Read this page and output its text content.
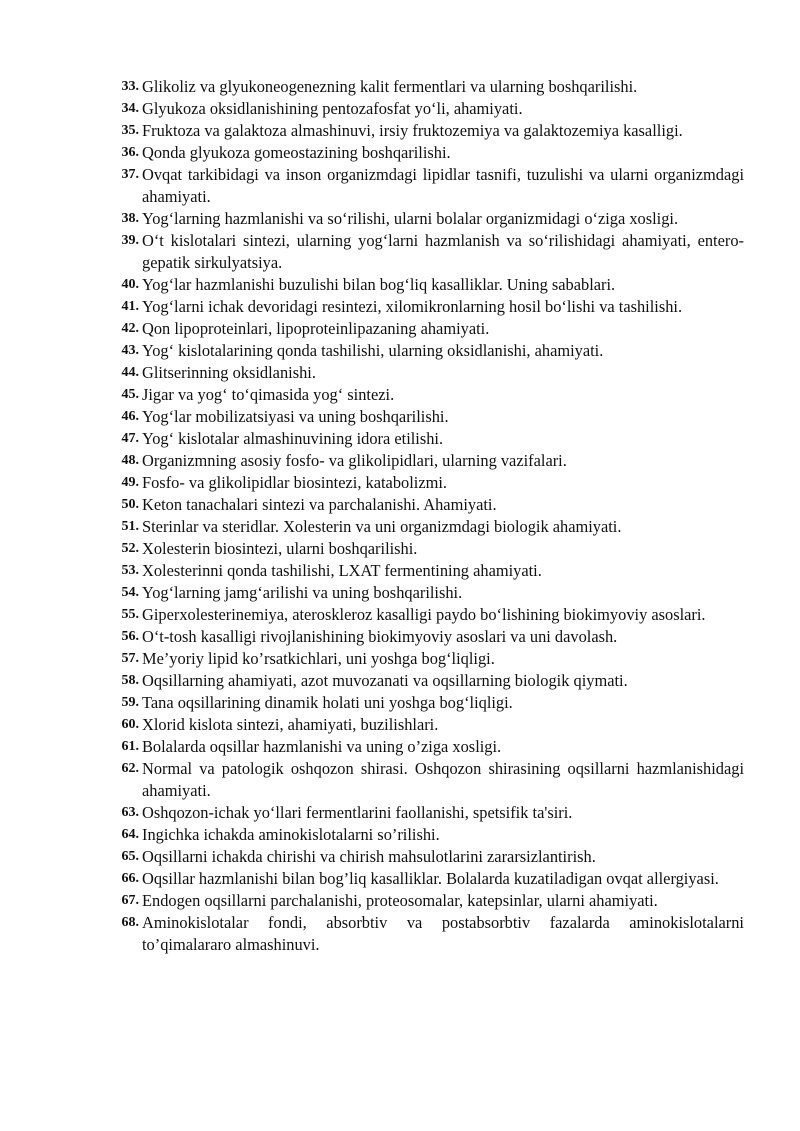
33. Glikoliz va glyukoneogenezning kalit fermentlari va ularning boshqarilishi.
34. Glyukoza oksidlanishining pentozafosfat yo‘li, ahamiyati.
35. Fruktoza va galaktoza almashinuvi, irsiy fruktozemiya va galaktozemiya kasalligi.
36. Qonda glyukoza gomeostazining boshqarilishi.
37. Ovqat tarkibidagi va inson organizmdagi lipidlar tasnifi, tuzulishi va ularni organizmdagi ahamiyati.
38. Yog‘larning hazmlanishi va so‘rilishi, ularni bolalar organizmidagi o‘ziga xosligi.
39. O‘t kislotalari sintezi, ularning yog‘larni hazmlanish va so‘rilishidagi ahamiyati, entero-gepatik sirkulyatsiya.
40. Yog‘lar hazmlanishi buzulishi bilan bog‘liq kasalliklar. Uning sabablari.
41. Yog‘larni ichak devoridagi resintezi, xilomikronlarning hosil bo‘lishi va tashilishi.
42. Qon lipoproteinlari, lipoproteinlipazaning ahamiyati.
43. Yog‘ kislotalarining qonda tashilishi, ularning oksidlanishi, ahamiyati.
44. Glitserinning oksidlanishi.
45. Jigar va yog‘ to‘qimasida yog‘ sintezi.
46. Yog‘lar mobilizatsiyasi va uning boshqarilishi.
47. Yog‘ kislotalar almashinuvining idora etilishi.
48. Organizmning asosiy fosfo- va glikolipidlari, ularning vazifalari.
49. Fosfo- va glikolipidlar biosintezi, katabolizmi.
50. Keton tanachalari sintezi va parchalanishi. Ahamiyati.
51. Sterinlar va steridlar. Xolesterin va uni organizmdagi biologik ahamiyati.
52. Xolesterin biosintezi, ularni boshqarilishi.
53. Xolesterinni qonda tashilishi, LXAT fermentining ahamiyati.
54. Yog‘larning jamg‘arilishi va uning boshqarilishi.
55. Giperxolesterinemiya, ateroskleroz kasalligi paydo bo‘lishining biokimyoviy asoslari.
56. O‘t-tosh kasalligi rivojlanishining biokimyoviy asoslari va uni davolash.
57. Me’yoriy lipid ko’rsatkichlari, uni yoshga bog‘liqligi.
58. Oqsillarning ahamiyati, azot muvozanati va oqsillarning biologik qiymati.
59. Tana oqsillarining dinamik holati uni yoshga bog‘liqligi.
60. Xlorid kislota sintezi, ahamiyati, buzilishlari.
61. Bolalarda oqsillar hazmlanishi va uning o’ziga xosligi.
62. Normal va patologik oshqozon shirasi. Oshqozon shirasining oqsillarni hazmlanishidagi ahamiyati.
63. Oshqozon-ichak yo‘llari fermentlarini faollanishi, spetsifik ta'siri.
64. Ingichka ichakda aminokislotalarni so’rilishi.
65. Oqsillarni ichakda chirishi va chirish mahsulotlarini zararsizlantirish.
66. Oqsillar hazmlanishi bilan bog’liq kasalliklar. Bolalarda kuzatiladigan ovqat allergiyasi.
67. Endogen oqsillarni parchalanishi, proteosomalar, katepsinlar, ularni ahamiyati.
68. Aminokislotalar fondi, absorbtiv va postabsorbtiv fazalarda aminokislotalarni to’qimalararo almashinuvi.
